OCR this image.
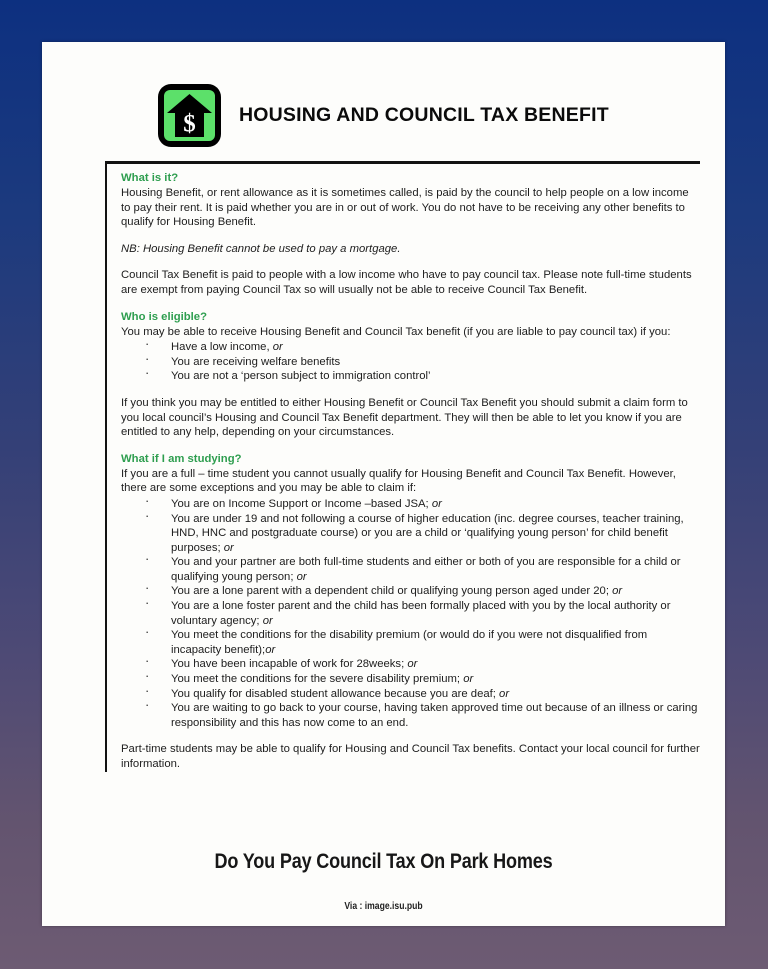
$ HOUSING AND COUNCIL TAX BENEFIT
What is it?

Housing Benefit, or rent allowance as it is sometimes called, is paid by the council to help people on a low income to pay their rent. It is paid whether you are in or out of work. You do not have to be receiving any other benefits to qualify for Housing Benefit.

NB: Housing Benefit cannot be used to pay a mortgage.

Council Tax Benefit is paid to people with a low income who have to pay council tax. Please note full-time students are exempt from paying Council Tax so will usually not be able to receive Council Tax Benefit.

Who is eligible?

You may be able to receive Housing Benefit and Council Tax benefit (if you are liable to pay council tax) if you:

· Have a low income, or
· You are receiving welfare benefits
· You are not a ‘person subject to immigration control’

If you think you may be entitled to either Housing Benefit or Council Tax Benefit you should submit a claim form to you local council’s Housing and Council Tax Benefit department. They will then be able to let you know if you are entitled to any help, depending on your circumstances.

What if I am studying?

If you are a full – time student you cannot usually qualify for Housing Benefit and Council Tax Benefit. However, there are some exceptions and you may be able to claim if:

· You are on Income Support or Income –based JSA; or
· You are under 19 and not following a course of higher education (inc. degree courses, teacher training, HND, HNC and postgraduate course) or you are a child or ‘qualifying young person’ for child benefit purposes; or
· You and your partner are both full-time students and either or both of you are responsible for a child or qualifying young person; or
· You are a lone parent with a dependent child or qualifying young person aged under 20; or
· You are a lone foster parent and the child has been formally placed with you by the local authority or voluntary agency; or
· You meet the conditions for the disability premium (or would do if you were not disqualified from incapacity benefit);or
· You have been incapable of work for 28weeks; or
· You meet the conditions for the severe disability premium; or
· You qualify for disabled student allowance because you are deaf; or
· You are waiting to go back to your course, having taken approved time out because of an illness or caring responsibility and this has now come to an end.

Part-time students may be able to qualify for Housing and Council Tax benefits. Contact your local council for further information.

Do You Pay Council Tax On Park Homes
Via : image.isu.pub
